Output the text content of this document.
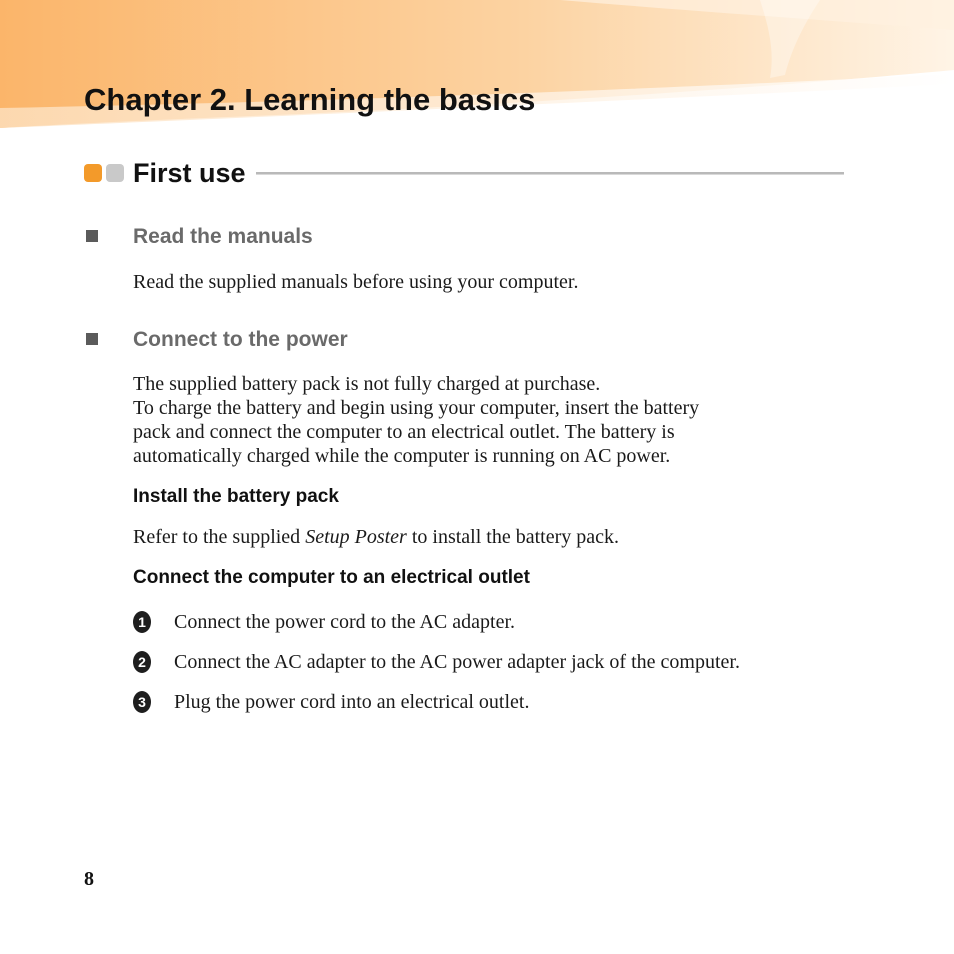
Chapter 2. Learning the basics
First use
Read the manuals

Read the supplied manuals before using your computer.

Connect to the power

The supplied battery pack is not fully charged at purchase.
To charge the battery and begin using your computer, insert the battery
pack and connect the computer to an electrical outlet. The battery is
automatically charged while the computer is running on AC power.

Install the battery pack

Refer to the supplied Setup Poster to install the battery pack.

Connect the computer to an electrical outlet
1 Connect the power cord to the AC adapter.
2 Connect the AC adapter to the AC power adapter jack of the computer.
3 Plug the power cord into an electrical outlet.

8
